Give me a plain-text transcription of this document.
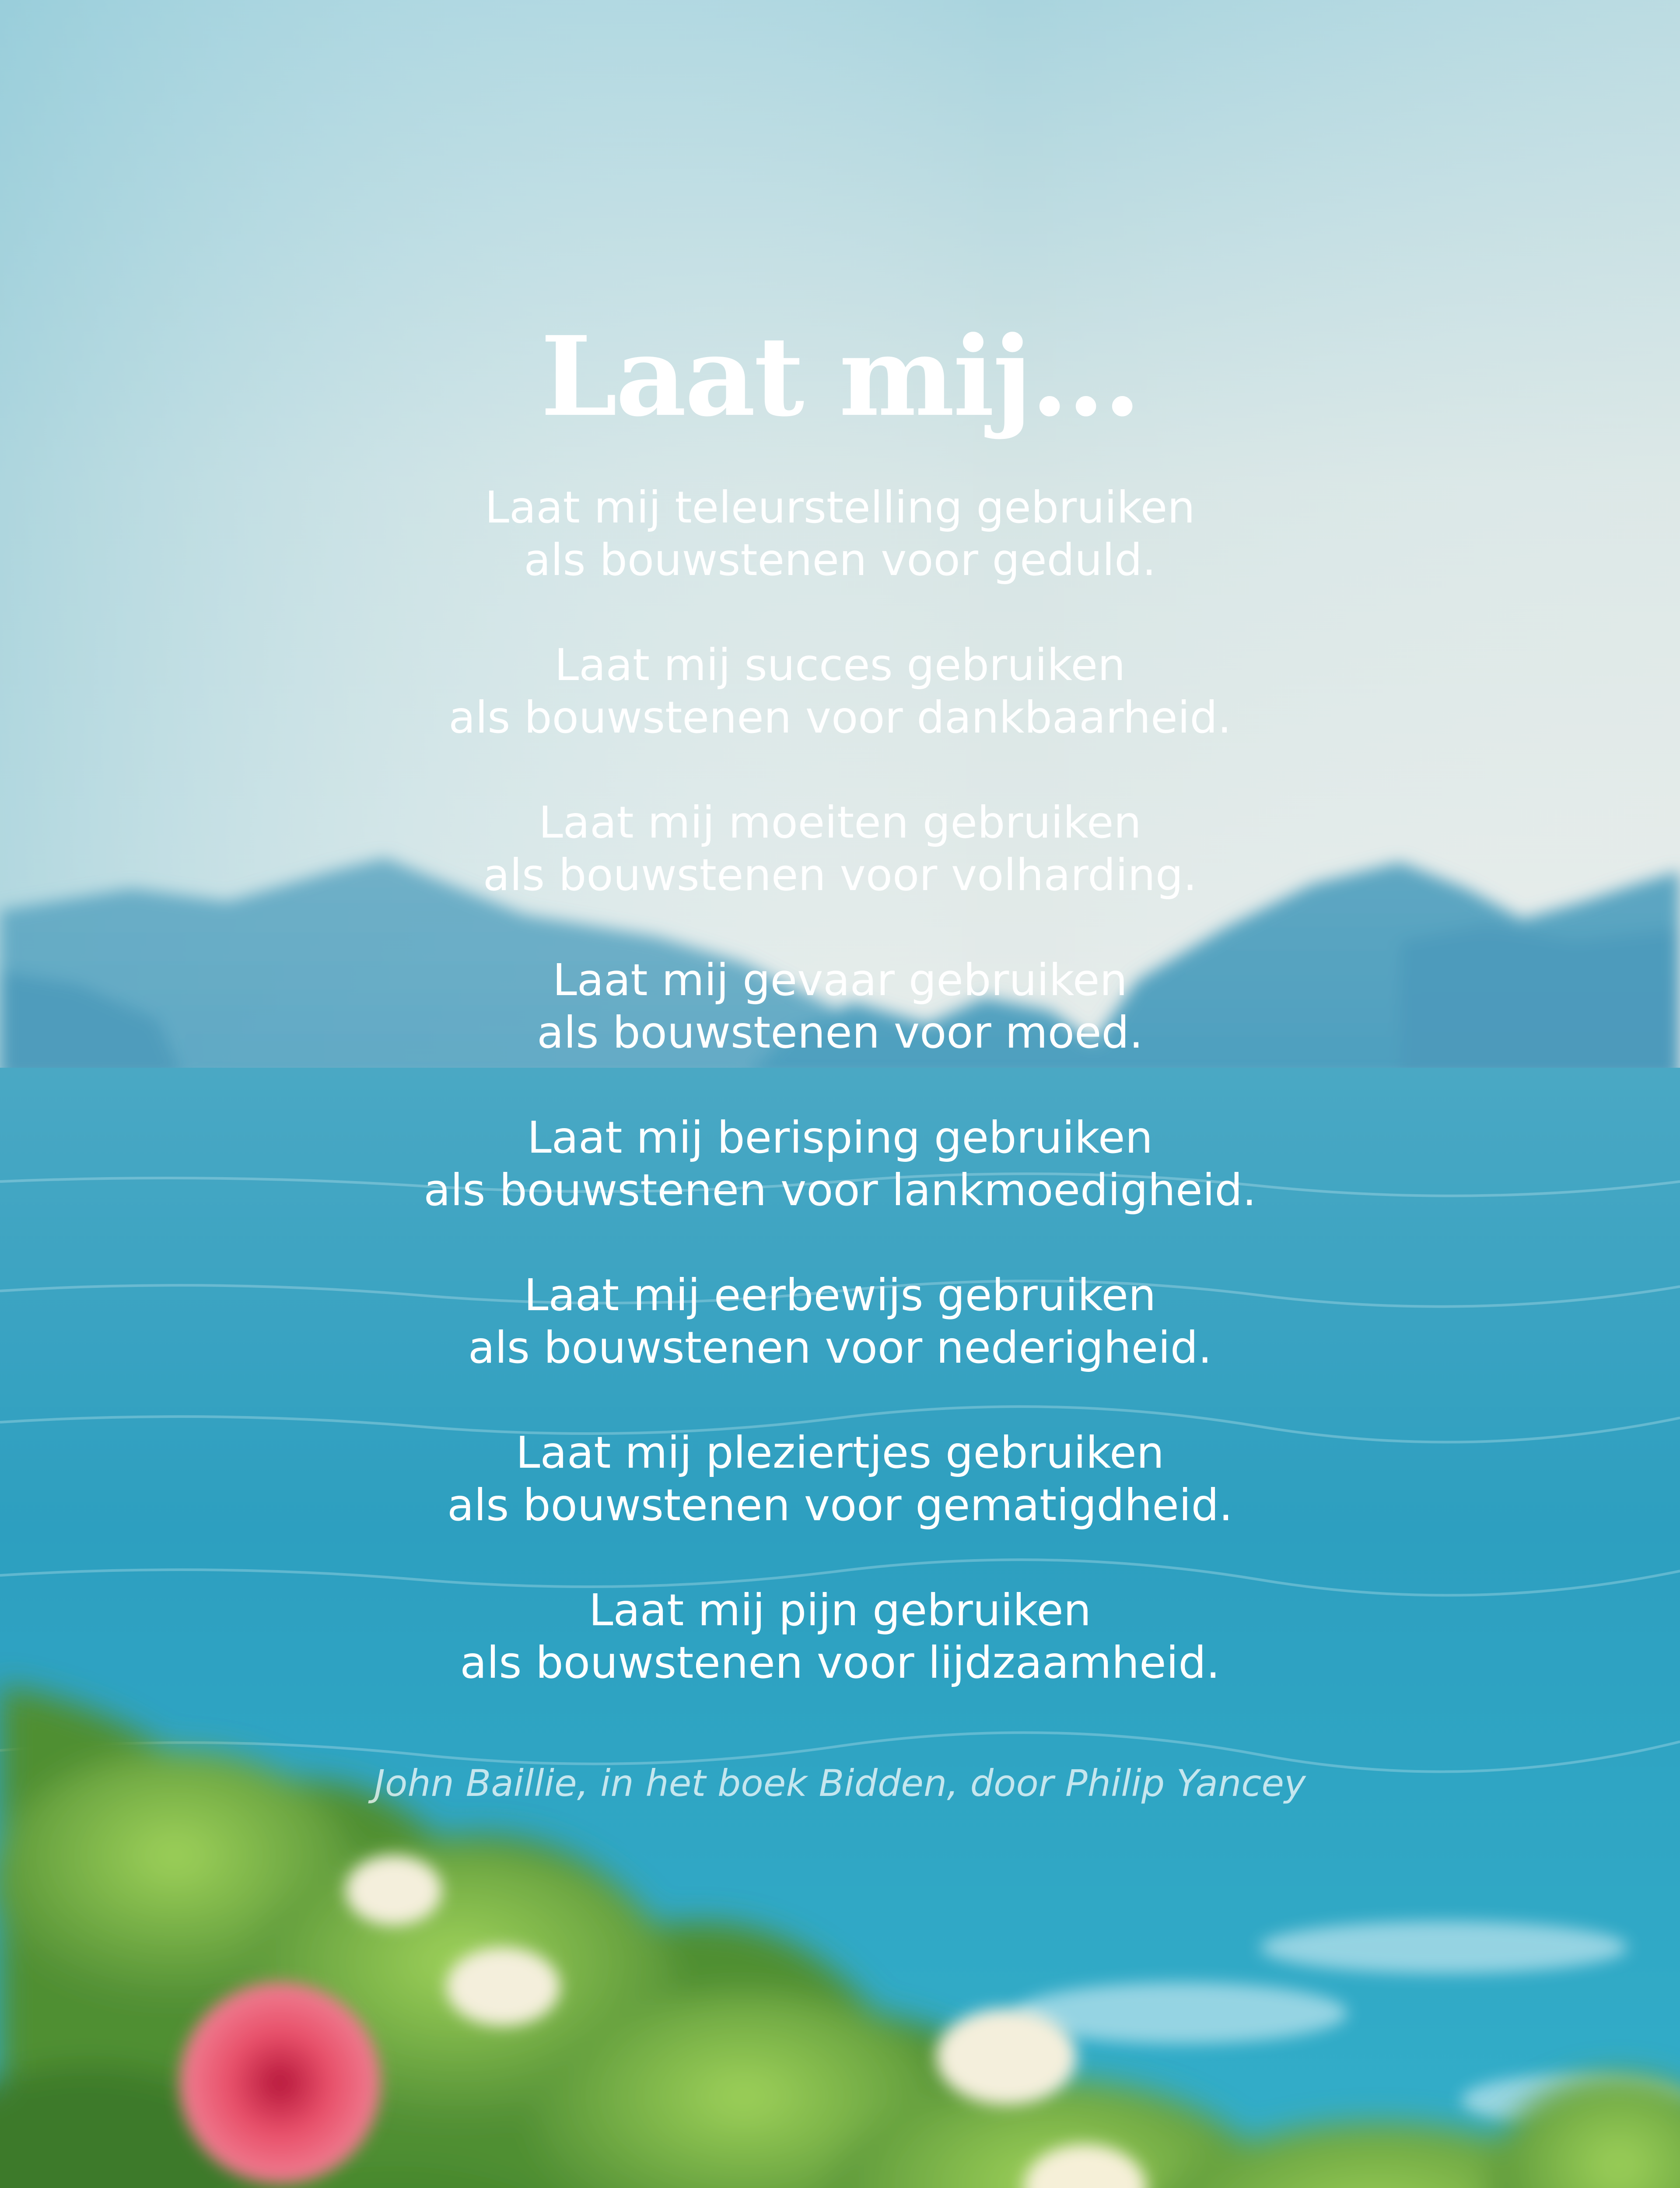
Laat mij...
Laat mij teleurstelling gebruiken
als bouwstenen voor geduld.
Laat mij succes gebruiken
als bouwstenen voor dankbaarheid.
Laat mij moeiten gebruiken
als bouwstenen voor volharding.
Laat mij gevaar gebruiken
als bouwstenen voor moed.
Laat mij berisping gebruiken
als bouwstenen voor lankmoedigheid.
Laat mij eerbewijs gebruiken
als bouwstenen voor nederigheid.
Laat mij pleziertjes gebruiken
als bouwstenen voor gematigdheid.
Laat mij pijn gebruiken
als bouwstenen voor lijdzaamheid.

John Baillie, in het boek Bidden, door Philip Yancey
